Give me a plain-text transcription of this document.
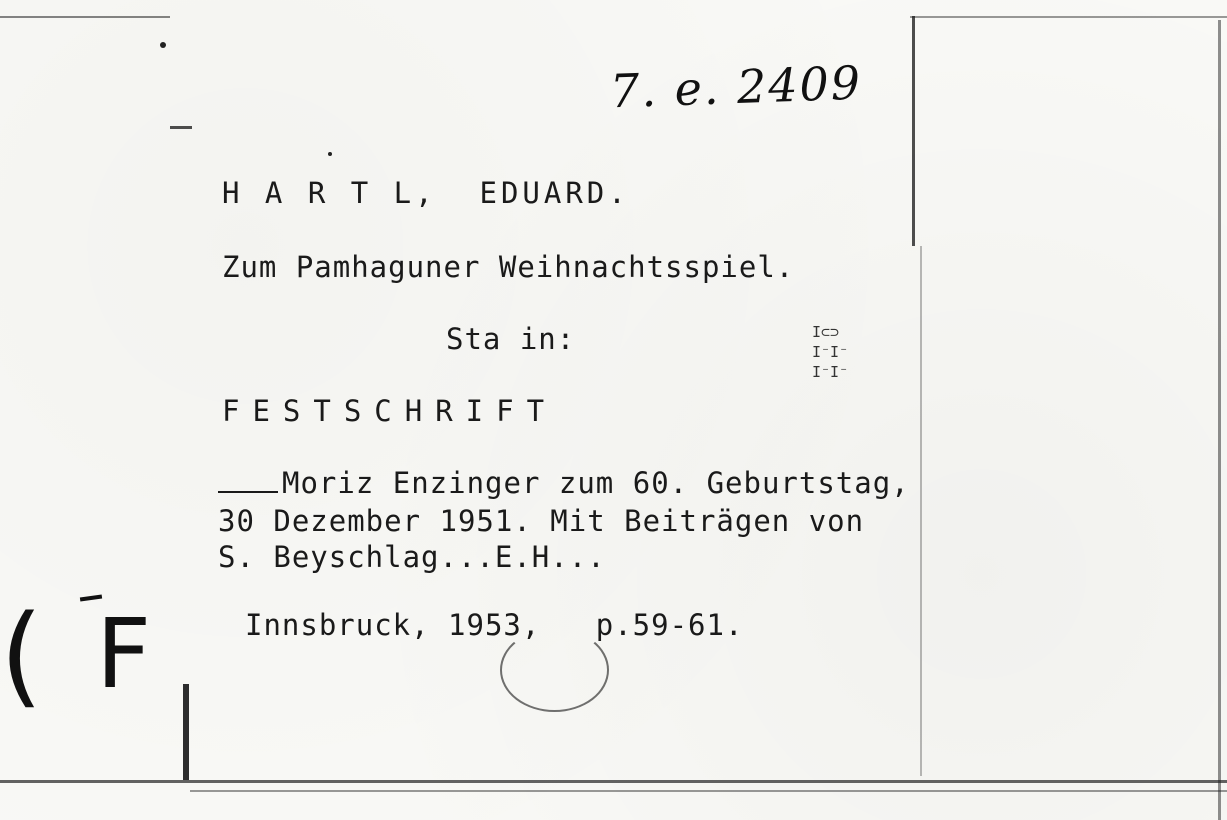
7. e. 2409
H A R T L,  EDUARD.
Zum Pamhaguner Weihnachtsspiel.
Sta in:	I⊂⊃
I⁻I⁻
I⁻I⁻
FESTSCHRIFT
Moriz Enzinger zum 60. Geburtstag,
30 Dezember 1951. Mit Beiträgen von
S. Beyschlag...E.H...
Innsbruck, 1953,   p.59-61.
( F
